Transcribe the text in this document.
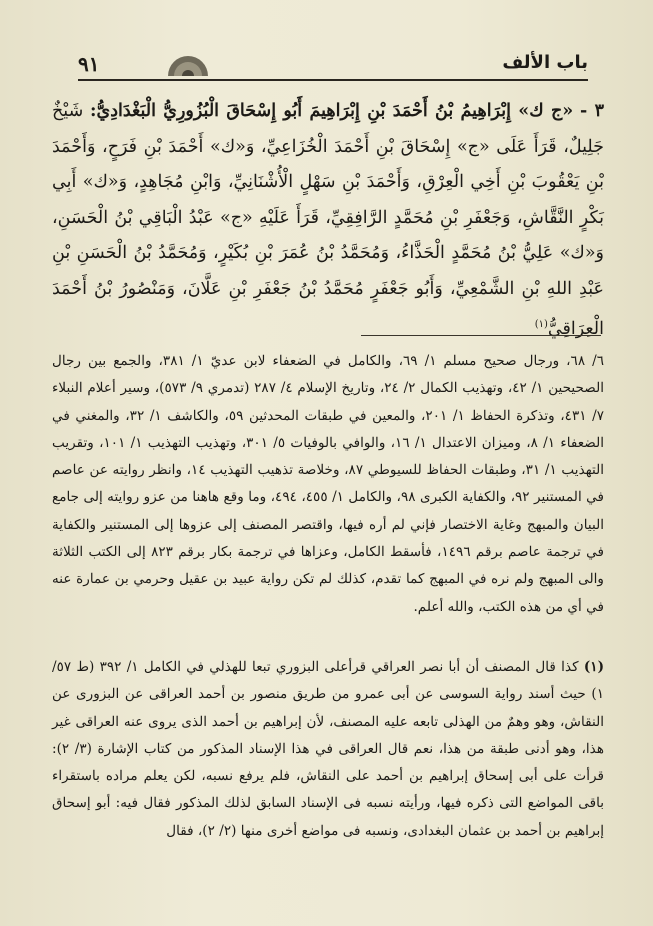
باب الألف
٩١
٣ - «ج ك» إِبْرَاهِيمُ بْنُ أَحْمَدَ بْنِ إِبْرَاهِيمَ أَبُو إِسْحَاقَ الْبُزُورِيُّ الْبَغْدَادِيُّ: شَيْخٌ جَلِيلٌ، قَرَأَ عَلَى «ج» إِسْحَاقَ بْنِ أَحْمَدَ الْخُزَاعِيِّ، وَ«ك» أَحْمَدَ بْنِ فَرَحٍ، وَأَحْمَدَ بْنِ يَعْقُوبَ بْنِ أَخِي الْعِرْقِ، وَأَحْمَدَ بْنِ سَهْلٍ الْأُشْنَانِيِّ، وَابْنِ مُجَاهِدٍ، وَ«ك» أَبِي بَكْرٍ النَّقَّاشِ، وَجَعْفَرِ بْنِ مُحَمَّدٍ الرَّافِقِيِّ، قَرَأَ عَلَيْهِ «ج» عَبْدُ الْبَاقِي بْنُ الْحَسَنِ، وَ«ك» عَلِيُّ بْنُ مُحَمَّدٍ الْحَذَّاءُ، وَمُحَمَّدُ بْنُ عُمَرَ بْنِ بُكَيْرٍ، وَمُحَمَّدُ بْنُ الْحَسَنِ بْنِ عَبْدِ اللهِ بْنِ الشَّمْعِيِّ، وَأَبُو جَعْفَرٍ مُحَمَّدُ بْنُ جَعْفَرِ بْنِ عَلَّانَ، وَمَنْصُورُ بْنُ أَحْمَدَ الْعِرَاقِيُّ$^{(١)}$

٦/ ٦٨، ورجال صحيح مسلم ١/ ٦٩، والكامل في الضعفاء لابن عديّ ١/ ٣٨١، والجمع بين رجال الصحيحين ١/ ٤٢، وتهذيب الكمال ٢/ ٢٤، وتاريخ الإسلام ٤/ ٢٨٧ (تدمري ٩/ ٥٧٣)، وسير أعلام النبلاء ٧/ ٤٣١، وتذكرة الحفاظ ١/ ٢٠١، والمعين في طبقات المحدثين ٥٩، والكاشف ١/ ٣٢، والمغني في الضعفاء ١/ ٨، وميزان الاعتدال ١/ ١٦، والوافي بالوفيات ٥/ ٣٠١، وتهذيب التهذيب ١/ ١٠١، وتقريب التهذيب ١/ ٣١، وطبقات الحفاظ للسيوطي ٨٧، وخلاصة تذهيب التهذيب ١٤، وانظر روايته عن عاصم في المستنير ٩٢، والكفاية الكبرى ٩٨، والكامل ١/ ٤٥٥، ٤٩٤، وما وقع هاهنا من عزو روايته إلى جامع البيان والمبهج وغاية الاختصار فإني لم أره فيها، واقتصر المصنف إلى عزوها إلى المستنير والكفاية في ترجمة عاصم برقم ١٤٩٦، فأسقط الكامل، وعزاها في ترجمة بكار برقم ٨٢٣ إلى الكتب الثلاثة والى المبهج ولم نره في المبهج كما تقدم، كذلك لم تكن رواية عبيد بن عقيل وحرمي بن عمارة عنه في أي من هذه الكتب، والله أعلم.

(١) كذا قال المصنف أن أبا نصر العراقي قرأعلى البزوري تبعا للهذلي في الكامل ١/ ٣٩٢ (ط ٥٧/ ١) حيث أسند رواية السوسى عن أبى عمرو من طريق منصور بن أحمد العراقى عن البزورى عن النقاش، وهو وهمٌ من الهذلى تابعه عليه المصنف، لأن إبراهيم بن أحمد الذى يروى عنه العراقى غير هذا، وهو أدنى طبقة من هذا، نعم قال العراقى في هذا الإسناد المذكور من كتاب الإشارة (٣/ ٢): قرأت على أبى إسحاق إبراهيم بن أحمد على النقاش، فلم يرفع نسبه، لكن يعلم مراده باستقراء باقى المواضع التى ذكره فيها، ورأيته نسبه فى الإسناد السابق لذلك المذكور فقال فيه: أبو إسحاق إبراهيم بن أحمد بن عثمان البغدادى، ونسبه فى مواضع أخرى منها (٢/ ٢)، فقال
